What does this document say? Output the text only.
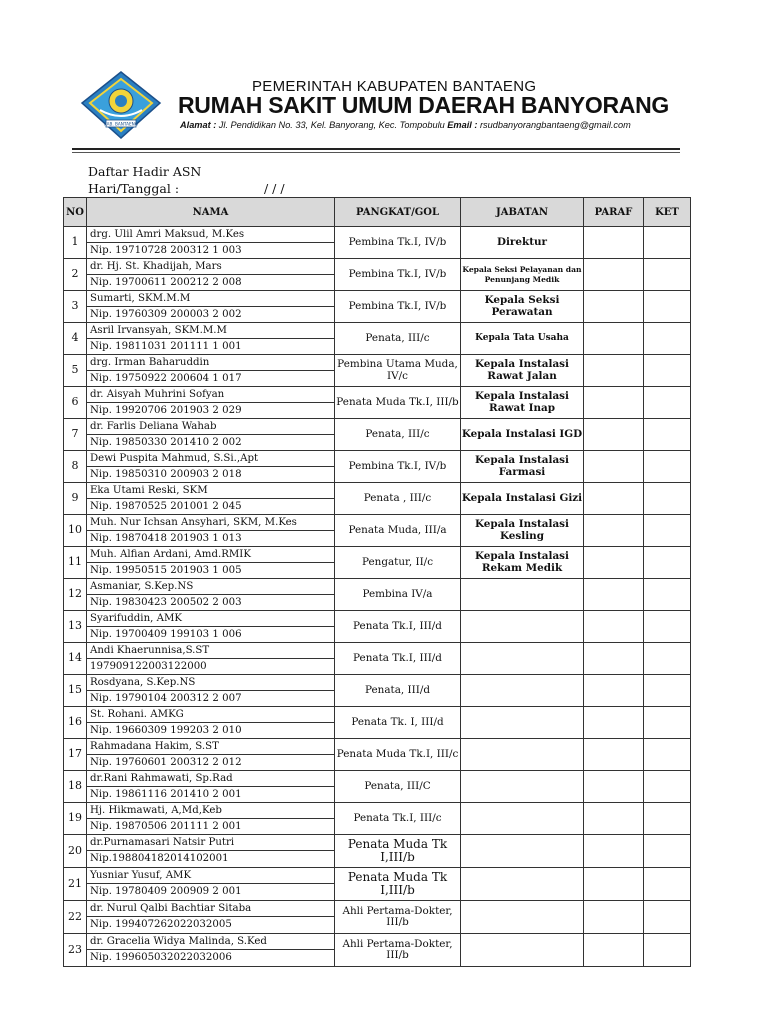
KAB. BANTAENG
PEMERINTAH KABUPATEN BANTAENG
RUMAH SAKIT UMUM DAERAH BANYORANG
Alamat : Jl. Pendidikan No. 33, Kel. Banyorang, Kec. Tompobulu Email : rsudbanyorangbantaeng@gmail.com
Daftar Hadir ASN
Hari/Tanggal :	/ / /
NO	NAMA	PANGKAT/GOL	JABATAN	PARAF	KET
1	drg. Ulil Amri Maksud, M.Kes	Pembina Tk.I, IV/b	Direktur		
	Nip. 19710728 200312 1 003				
2	dr. Hj. St. Khadijah, Mars	Pembina Tk.I, IV/b	Kepala Seksi Pelayanan dan Penunjang Medik		
	Nip. 19700611 200212 2 008				
3	Sumarti, SKM.M.M	Pembina Tk.I, IV/b	Kepala Seksi Perawatan		
	Nip. 19760309 200003 2 002				
4	Asril Irvansyah, SKM.M.M	Penata, III/c	Kepala Tata Usaha		
	Nip. 19811031 201111 1 001				
5	drg. Irman Baharuddin	Pembina Utama Muda, IV/c	Kepala Instalasi Rawat Jalan		
	Nip. 19750922 200604 1 017				
6	dr. Aisyah Muhrini Sofyan	Penata Muda Tk.I, III/b	Kepala Instalasi Rawat Inap		
	Nip. 19920706 201903 2 029				
7	dr. Farlis Deliana Wahab	Penata, III/c	Kepala Instalasi IGD		
	Nip. 19850330 201410 2 002				
8	Dewi Puspita Mahmud, S.Si.,Apt	Pembina Tk.I, IV/b	Kepala Instalasi Farmasi		
	Nip. 19850310 200903 2 018				
9	Eka Utami Reski, SKM	Penata , III/c	Kepala Instalasi Gizi		
	Nip. 19870525 201001 2 045				
10	Muh. Nur Ichsan Ansyhari, SKM, M.Kes	Penata Muda, III/a	Kepala Instalasi Kesling		
	Nip. 19870418 201903 1 013				
11	Muh. Alfian Ardani, Amd.RMIK	Pengatur, II/c	Kepala Instalasi Rekam Medik		
	Nip. 19950515 201903 1 005				
12	Asmaniar, S.Kep.NS	Pembina IV/a			
	Nip. 19830423 200502 2 003				
13	Syarifuddin, AMK	Penata Tk.I, III/d			
	Nip. 19700409 199103 1 006				
14	Andi Khaerunnisa,S.ST	Penata Tk.I, III/d			
	197909122003122000				
15	Rosdyana, S.Kep.NS	Penata, III/d			
	Nip. 19790104 200312 2 007				
16	St. Rohani. AMKG	Penata Tk. I, III/d			
	Nip. 19660309 199203 2 010				
17	Rahmadana Hakim, S.ST	Penata Muda Tk.I, III/c			
	Nip. 19760601 200312 2 012				
18	dr.Rani Rahmawati, Sp.Rad	Penata, III/C			
	Nip. 19861116 201410 2 001				
19	Hj. Hikmawati, A,Md,Keb	Penata Tk.I, III/c			
	Nip. 19870506 201111 2 001				
20	dr.Purnamasari Natsir Putri	Penata Muda Tk I,III/b			
	Nip.198804182014102001				
21	Yusniar Yusuf, AMK	Penata Muda Tk I,III/b			
	Nip. 19780409 200909 2 001				
22	dr. Nurul Qalbi Bachtiar Sitaba	Ahli Pertama-Dokter, III/b			
	Nip. 199407262022032005				
23	dr. Gracelia Widya Malinda, S.Ked	Ahli Pertama-Dokter, III/b			
	Nip. 199605032022032006				
